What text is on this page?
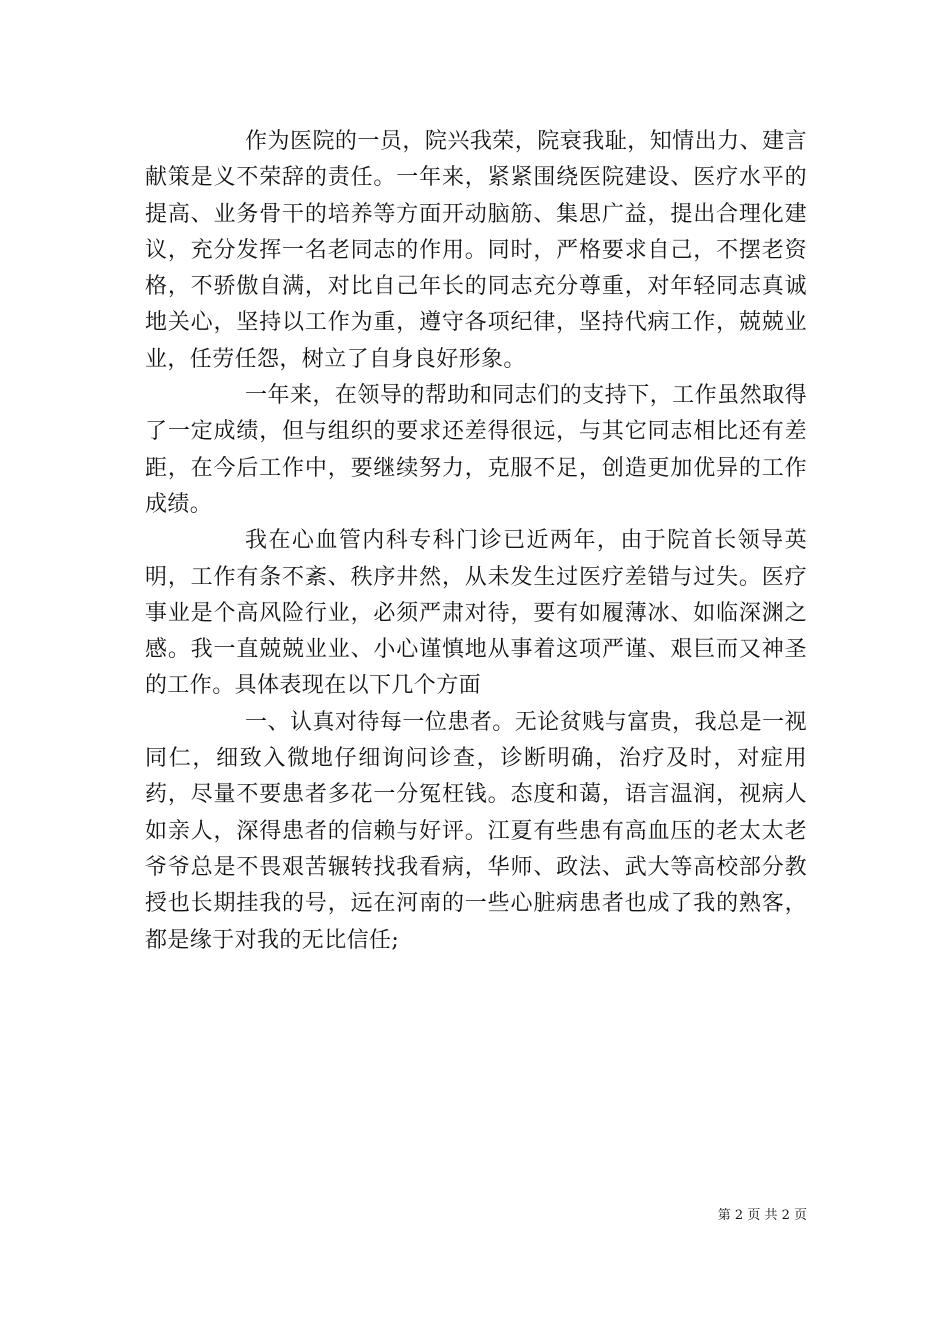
作为医院的一员，院兴我荣，院衰我耻，知情出力、建言献策是义不荣辞的责任。一年来，紧紧围绕医院建设、医疗水平的提高、业务骨干的培养等方面开动脑筋、集思广益，提出合理化建议，充分发挥一名老同志的作用。同时，严格要求自己，不摆老资格，不骄傲自满，对比自己年长的同志充分尊重，对年轻同志真诚地关心，坚持以工作为重，遵守各项纪律，坚持代病工作，兢兢业业，任劳任怨，树立了自身良好形象。

一年来，在领导的帮助和同志们的支持下，工作虽然取得了一定成绩，但与组织的要求还差得很远，与其它同志相比还有差距，在今后工作中，要继续努力，克服不足，创造更加优异的工作成绩。

我在心血管内科专科门诊已近两年，由于院首长领导英明，工作有条不紊、秩序井然，从未发生过医疗差错与过失。医疗事业是个高风险行业，必须严肃对待，要有如履薄冰、如临深渊之感。我一直兢兢业业、小心谨慎地从事着这项严谨、艰巨而又神圣的工作。具体表现在以下几个方面

一、认真对待每一位患者。无论贫贱与富贵，我总是一视同仁，细致入微地仔细询问诊查，诊断明确，治疗及时，对症用药，尽量不要患者多花一分冤枉钱。态度和蔼，语言温润，视病人如亲人，深得患者的信赖与好评。江夏有些患有高血压的老太太老爷爷总是不畏艰苦辗转找我看病，华师、政法、武大等高校部分教授也长期挂我的号，远在河南的一些心脏病患者也成了我的熟客，都是缘于对我的无比信任;

第 2 页 共 2 页
